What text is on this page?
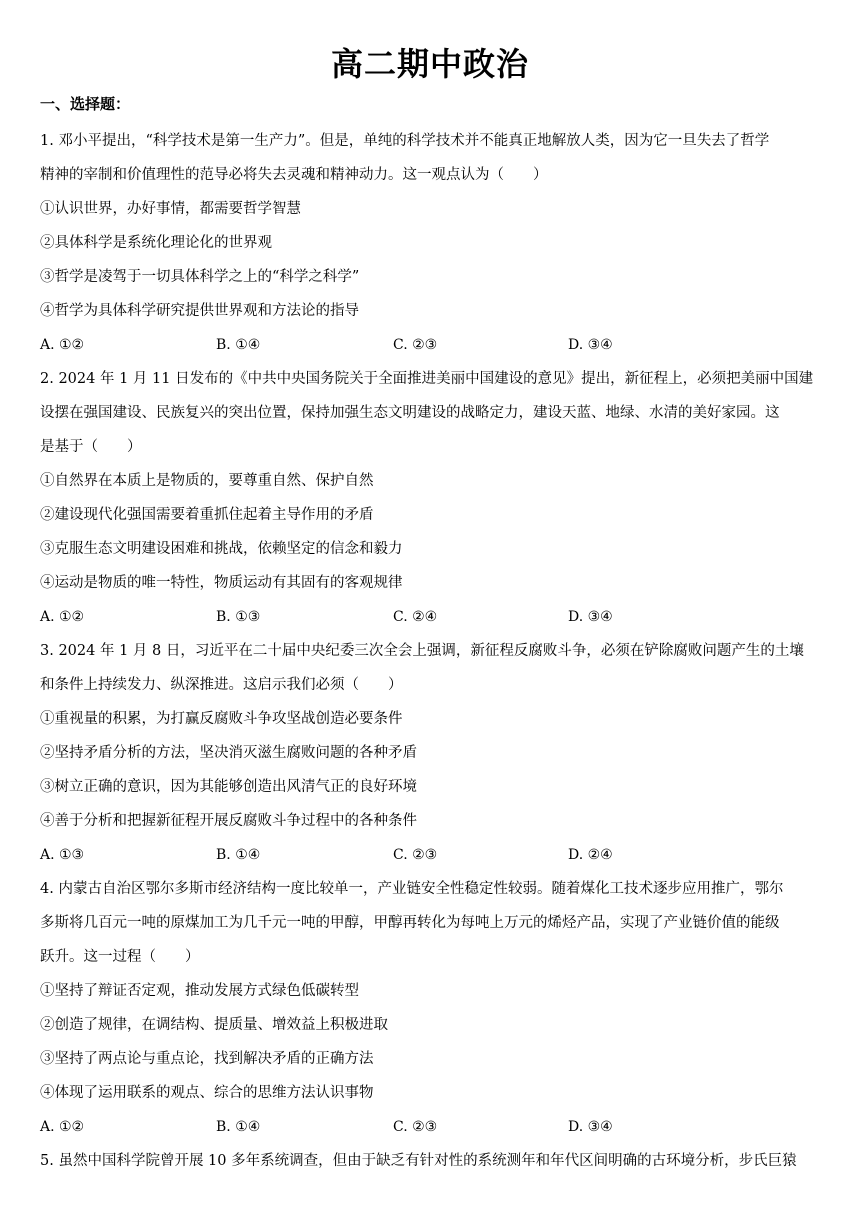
高二期中政治
一、选择题：
1. 邓小平提出，“科学技术是第一生产力”。但是，单纯的科学技术并不能真正地解放人类，因为它一旦失去了哲学
精神的宰制和价值理性的范导必将失去灵魂和精神动力。这一观点认为（　　）
①认识世界，办好事情，都需要哲学智慧
②具体科学是系统化理论化的世界观
③哲学是凌驾于一切具体科学之上的“科学之科学”
④哲学为具体科学研究提供世界观和方法论的指导
A. ①②	B. ①④	C. ②③	D. ③④
2. 2024 年 1 月 11 日发布的《中共中央国务院关于全面推进美丽中国建设的意见》提出，新征程上，必须把美丽中国建
设摆在强国建设、民族复兴的突出位置，保持加强生态文明建设的战略定力，建设天蓝、地绿、水清的美好家园。这
是基于（　　）
①自然界在本质上是物质的，要尊重自然、保护自然
②建设现代化强国需要着重抓住起着主导作用的矛盾
③克服生态文明建设困难和挑战，依赖坚定的信念和毅力
④运动是物质的唯一特性，物质运动有其固有的客观规律
A. ①②	B. ①③	C. ②④	D. ③④
3. 2024 年 1 月 8 日，习近平在二十届中央纪委三次全会上强调，新征程反腐败斗争，必须在铲除腐败问题产生的土壤
和条件上持续发力、纵深推进。这启示我们必须（　　）
①重视量的积累，为打赢反腐败斗争攻坚战创造必要条件
②坚持矛盾分析的方法，坚决消灭滋生腐败问题的各种矛盾
③树立正确的意识，因为其能够创造出风清气正的良好环境
④善于分析和把握新征程开展反腐败斗争过程中的各种条件
A. ①③	B. ①④	C. ②③	D. ②④
4. 内蒙古自治区鄂尔多斯市经济结构一度比较单一，产业链安全性稳定性较弱。随着煤化工技术逐步应用推广，鄂尔
多斯将几百元一吨的原煤加工为几千元一吨的甲醇，甲醇再转化为每吨上万元的烯烃产品，实现了产业链价值的能级
跃升。这一过程（　　）
①坚持了辩证否定观，推动发展方式绿色低碳转型
②创造了规律，在调结构、提质量、增效益上积极进取
③坚持了两点论与重点论，找到解决矛盾的正确方法
④体现了运用联系的观点、综合的思维方法认识事物
A. ①②	B. ①④	C. ②③	D. ③④
5. 虽然中国科学院曾开展 10 多年系统调查，但由于缺乏有针对性的系统测年和年代区间明确的古环境分析，步氏巨猿
